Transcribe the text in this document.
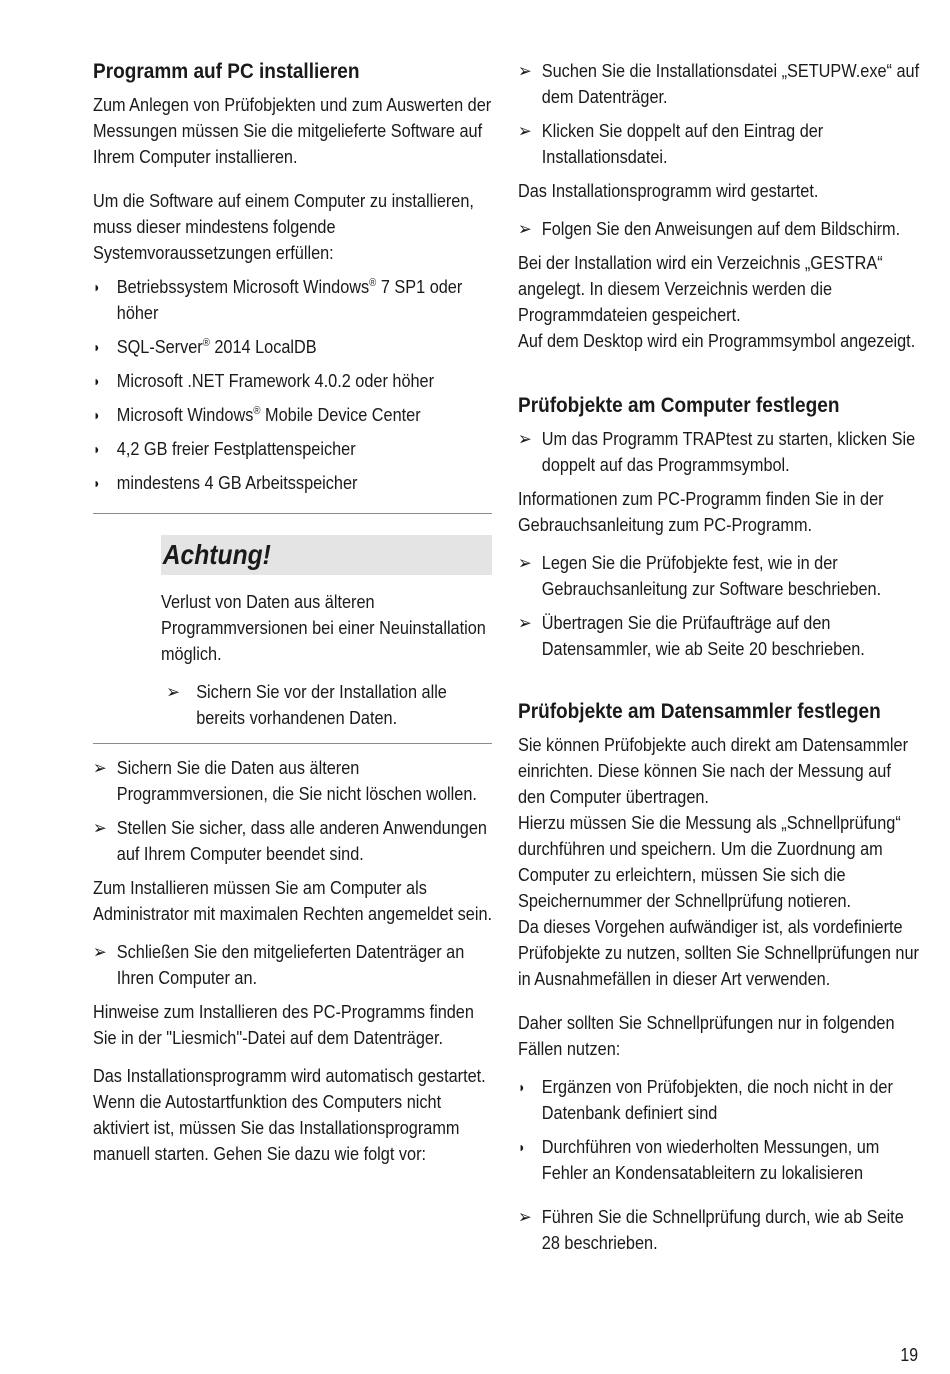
Programm auf PC installieren

Zum Anlegen von Prüfobjekten und zum Auswerten der Messungen müssen Sie die mitgelieferte Software auf Ihrem Computer installieren.

Um die Software auf einem Computer zu installieren, muss dieser mindestens folgende Systemvoraussetzungen erfüllen:

◗ Betriebssystem Microsoft Windows® 7 SP1 oder höher
◗ SQL-Server® 2014 LocalDB
◗ Microsoft .NET Framework 4.0.2 oder höher
◗ Microsoft Windows® Mobile Device Center
◗ 4,2 GB freier Festplattenspeicher
◗ mindestens 4 GB Arbeitsspeicher
Achtung!

Verlust von Daten aus älteren Programmversionen bei einer Neuinstallation möglich.

➢ Sichern Sie vor der Installation alle bereits vorhandenen Daten.
➢ Sichern Sie die Daten aus älteren Programmversionen, die Sie nicht löschen wollen.
➢ Stellen Sie sicher, dass alle anderen Anwendungen auf Ihrem Computer beendet sind.

Zum Installieren müssen Sie am Computer als Administrator mit maximalen Rechten angemeldet sein.

➢ Schließen Sie den mitgelieferten Datenträger an Ihren Computer an.

Hinweise zum Installieren des PC-Programms finden Sie in der "Liesmich"-Datei auf dem Datenträger.

Das Installationsprogramm wird automatisch gestartet. Wenn die Autostartfunktion des Computers nicht aktiviert ist, müssen Sie das Installationsprogramm manuell starten. Gehen Sie dazu wie folgt vor:

➢ Suchen Sie die Installationsdatei „SETUPW.exe“ auf dem Datenträger.
➢ Klicken Sie doppelt auf den Eintrag der Installationsdatei.

Das Installationsprogramm wird gestartet.

➢ Folgen Sie den Anweisungen auf dem Bildschirm.

Bei der Installation wird ein Verzeichnis „GESTRA“ angelegt. In diesem Verzeichnis werden die Programmdateien gespeichert.

Auf dem Desktop wird ein Programmsymbol angezeigt.

Prüfobjekte am Computer festlegen
➢ Um das Programm TRAPtest zu starten, klicken Sie doppelt auf das Programmsymbol.

Informationen zum PC-Programm finden Sie in der Gebrauchsanleitung zum PC-Programm.

➢ Legen Sie die Prüfobjekte fest, wie in der Gebrauchsanleitung zur Software beschrieben.
➢ Übertragen Sie die Prüfaufträge auf den Datensammler, wie ab Seite 20 beschrieben.
Prüfobjekte am Datensammler festlegen

Sie können Prüfobjekte auch direkt am Datensammler einrichten. Diese können Sie nach der Messung auf den Computer übertragen.

Hierzu müssen Sie die Messung als „Schnellprüfung“ durchführen und speichern. Um die Zuordnung am Computer zu erleichtern, müssen Sie sich die Speichernummer der Schnellprüfung notieren.

Da dieses Vorgehen aufwändiger ist, als vordefinierte Prüfobjekte zu nutzen, sollten Sie Schnellprüfungen nur in Ausnahmefällen in dieser Art verwenden.

Daher sollten Sie Schnellprüfungen nur in folgenden Fällen nutzen:

◗ Ergänzen von Prüfobjekten, die noch nicht in der Datenbank definiert sind
◗ Durchführen von wiederholten Messungen, um Fehler an Kondensatableitern zu lokalisieren
➢ Führen Sie die Schnellprüfung durch, wie ab Seite 28 beschrieben.
19
